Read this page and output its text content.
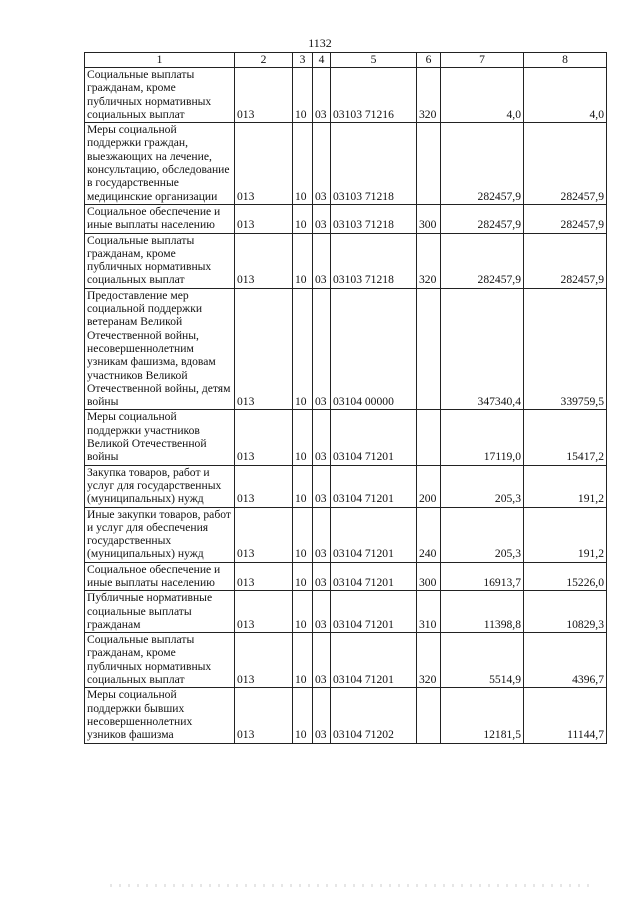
1132
1	2	3	4	5	6	7	8
Социальные выплаты гражданам, кроме публичных нормативных социальных выплат	013	10	03	03103 71216	320	4,0	4,0
Меры социальной поддержки граждан, выезжающих на лечение, консультацию, обследование в государственные медицинские организации	013	10	03	03103 71218		282457,9	282457,9
Социальное обеспечение и иные выплаты населению	013	10	03	03103 71218	300	282457,9	282457,9
Социальные выплаты гражданам, кроме публичных нормативных социальных выплат	013	10	03	03103 71218	320	282457,9	282457,9
Предоставление мер социальной поддержки ветеранам Великой Отечественной войны, несовершеннолетним узникам фашизма, вдовам участников Великой Отечественной войны, детям войны	013	10	03	03104 00000		347340,4	339759,5
Меры социальной поддержки участников Великой Отечественной войны	013	10	03	03104 71201		17119,0	15417,2
Закупка товаров, работ и услуг для государственных (муниципальных) нужд	013	10	03	03104 71201	200	205,3	191,2
Иные закупки товаров, работ и услуг для обеспечения государственных (муниципальных) нужд	013	10	03	03104 71201	240	205,3	191,2
Социальное обеспечение и иные выплаты населению	013	10	03	03104 71201	300	16913,7	15226,0
Публичные нормативные социальные выплаты гражданам	013	10	03	03104 71201	310	11398,8	10829,3
Социальные выплаты гражданам, кроме публичных нормативных социальных выплат	013	10	03	03104 71201	320	5514,9	4396,7
Меры социальной поддержки бывших несовершеннолетних узников фашизма	013	10	03	03104 71202		12181,5	11144,7
